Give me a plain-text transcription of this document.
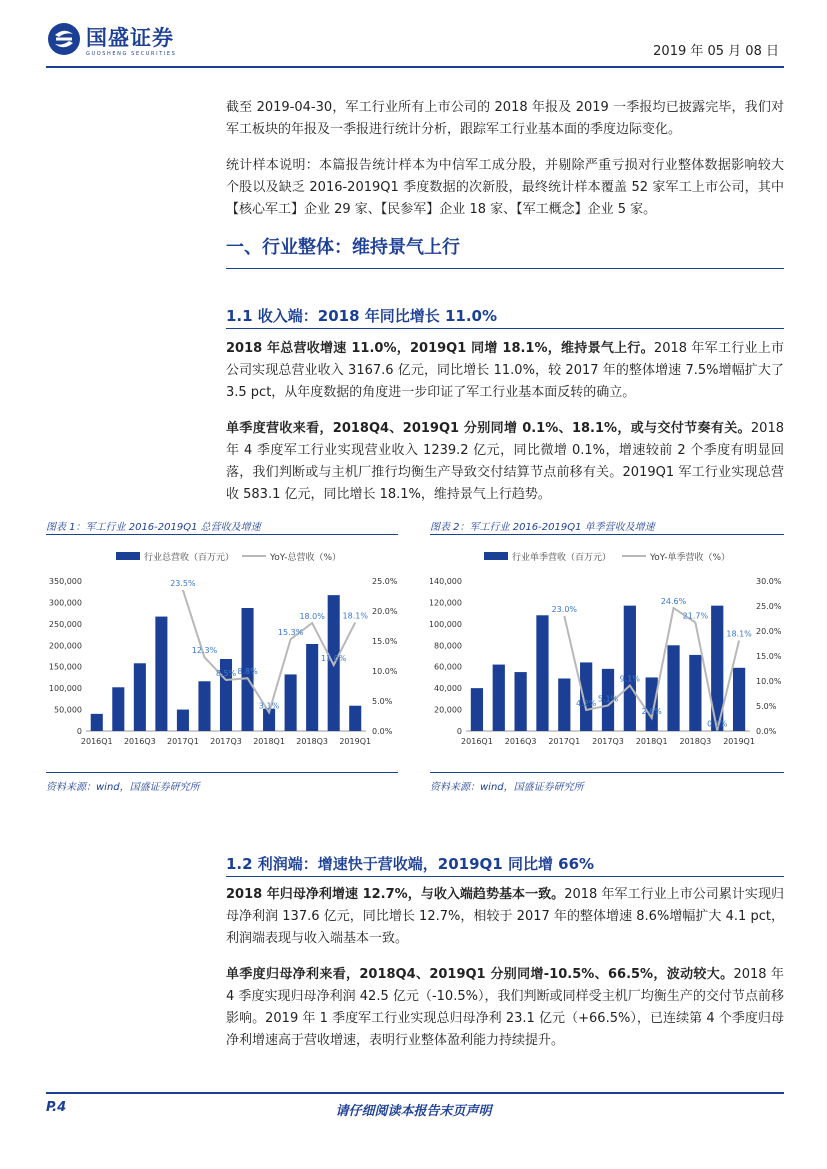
国盛证券
GUOSHENG SECURITIES	2019 年 05 月 08 日

截至 2019-04-30，军工行业所有上市公司的 2018 年报及 2019 一季报均已披露完毕，我们对军工板块的年报及一季报进行统计分析，跟踪军工行业基本面的季度边际变化。

统计样本说明：本篇报告统计样本为中信军工成分股，并剔除严重亏损对行业整体数据影响较大个股以及缺乏 2016-2019Q1 季度数据的次新股，最终统计样本覆盖 52 家军工上市公司，其中【核心军工】企业 29 家、【民参军】企业 18 家、【军工概念】企业 5 家。

一、行业整体：维持景气上行
1.1 收入端：2018 年同比增长 11.0%

2018 年总营收增速 11.0%，2019Q1 同增 18.1%，维持景气上行。2018 年军工行业上市公司实现总营业收入 3167.6 亿元，同比增长 11.0%，较 2017 年的整体增速 7.5%增幅扩大了 3.5 pct，从年度数据的角度进一步印证了军工行业基本面反转的确立。

单季度营收来看，2018Q4、2019Q1 分别同增 0.1%、18.1%，或与交付节奏有关。2018 年 4 季度军工行业实现营业收入 1239.2 亿元，同比微增 0.1%，增速较前 2 个季度有明显回落，我们判断或与主机厂推行均衡生产导致交付结算节点前移有关。2019Q1 军工行业实现总营收 583.1 亿元，同比增长 18.1%，维持景气上行趋势。

图表 1：军工行业 2016-2019Q1 总营收及增速	图表 2：军工行业 2016-2019Q1 单季营收及增速
行业总营收（百万元）	YoY-总营收（%）
0
50,000
100,000
150,000
200,000
250,000
300,000
350,000
0.0%
5.0%
10.0%
15.0%
20.0%
25.0%
23.5%
12.3%
8.5% 8.8%
3.1%
15.3%
18.0%
11.0%
18.1%
2016Q1 2016Q3 2017Q1 2017Q3 2018Q1 2018Q3 2019Q1
行业单季营收（百万元）	YoY-单季营收（%）
0
20,000
40,000
60,000
80,000
100,000
120,000
140,000
0.0%
5.0%
10.0%
15.0%
20.0%
25.0%
30.0%
23.0%
4.2% 5.1%
9.1%
2.6%
24.6%
21.7%
0.1%
18.1%
2016Q1 2016Q3 2017Q1 2017Q3 2018Q1 2018Q3 2019Q1
资料来源：wind，国盛证券研究所	资料来源：wind，国盛证券研究所
1.2 利润端：增速快于营收端，2019Q1 同比增 66%

2018 年归母净利增速 12.7%，与收入端趋势基本一致。2018 年军工行业上市公司累计实现归母净利润 137.6 亿元，同比增长 12.7%，相较于 2017 年的整体增速 8.6%增幅扩大 4.1 pct，利润端表现与收入端基本一致。

单季度归母净利来看，2018Q4、2019Q1 分别同增-10.5%、66.5%，波动较大。2018 年 4 季度实现归母净利润 42.5 亿元（-10.5%），我们判断或同样受主机厂均衡生产的交付节点前移影响。2019 年 1 季度军工行业实现总归母净利 23.1 亿元（+66.5%），已连续第 4 个季度归母净利增速高于营收增速，表明行业整体盈利能力持续提升。

请仔细阅读本报告末页声明
P.4
